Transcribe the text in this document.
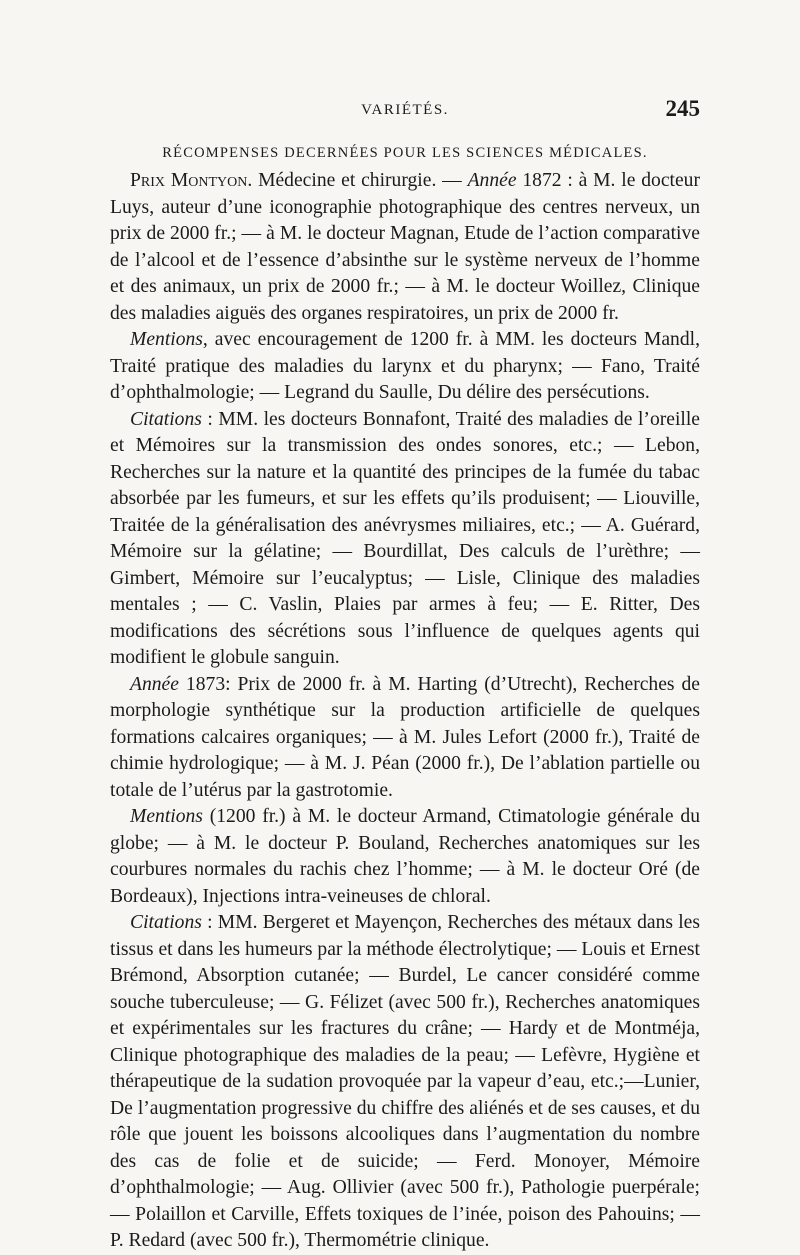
VARIÉTÉS.	245
RÉCOMPENSES DECERNÉES POUR LES SCIENCES MÉDICALES.

Prix Montyon. Médecine et chirurgie. — Année 1872 : à M. le docteur Luys, auteur d’une iconographie photographique des centres nerveux, un prix de 2000 fr.; — à M. le docteur Magnan, Etude de l’action comparative de l’alcool et de l’essence d’absinthe sur le système nerveux de l’homme et des animaux, un prix de 2000 fr.; — à M. le docteur Woillez, Clinique des maladies aiguës des organes respiratoires, un prix de 2000 fr.

Mentions, avec encouragement de 1200 fr. à MM. les docteurs Mandl, Traité pratique des maladies du larynx et du pharynx; — Fano, Traité d’ophthalmologie; — Legrand du Saulle, Du délire des persécutions.

Citations : MM. les docteurs Bonnafont, Traité des maladies de l’oreille et Mémoires sur la transmission des ondes sonores, etc.; — Lebon, Recherches sur la nature et la quantité des principes de la fumée du tabac absorbée par les fumeurs, et sur les effets qu’ils produisent; — Liouville, Traitée de la généralisation des anévrysmes miliaires, etc.; — A. Guérard, Mémoire sur la gélatine; — Bourdillat, Des calculs de l’urèthre; — Gimbert, Mémoire sur l’eucalyptus; — Lisle, Clinique des maladies mentales ; — C. Vaslin, Plaies par armes à feu; — E. Ritter, Des modifications des sécrétions sous l’influence de quelques agents qui modifient le globule sanguin.

Année 1873: Prix de 2000 fr. à M. Harting (d’Utrecht), Recherches de morphologie synthétique sur la production artificielle de quelques formations calcaires organiques; — à M. Jules Lefort (2000 fr.), Traité de chimie hydrologique; — à M. J. Péan (2000 fr.), De l’ablation partielle ou totale de l’utérus par la gastrotomie.

Mentions (1200 fr.) à M. le docteur Armand, Ctimatologie générale du globe; — à M. le docteur P. Bouland, Recherches anatomiques sur les courbures normales du rachis chez l’homme; — à M. le docteur Oré (de Bordeaux), Injections intra-veineuses de chloral.

Citations : MM. Bergeret et Mayençon, Recherches des métaux dans les tissus et dans les humeurs par la méthode électrolytique; — Louis et Ernest Brémond, Absorption cutanée; — Burdel, Le cancer considéré comme souche tuberculeuse; — G. Félizet (avec 500 fr.), Recherches anatomiques et expérimentales sur les fractures du crâne; — Hardy et de Montméja, Clinique photographique des maladies de la peau; — Lefèvre, Hygiène et thérapeutique de la sudation provoquée par la vapeur d’eau, etc.;—Lunier, De l’augmentation progressive du chiffre des aliénés et de ses causes, et du rôle que jouent les boissons alcooliques dans l’augmentation du nombre des cas de folie et de suicide; — Ferd. Monoyer, Mémoire d’ophthalmologie; — Aug. Ollivier (avec 500 fr.), Pathologie puerpérale; — Polaillon et Carville, Effets toxiques de l’inée, poison des Pahouins; — P. Redard (avec 500 fr.), Thermométrie clinique.
